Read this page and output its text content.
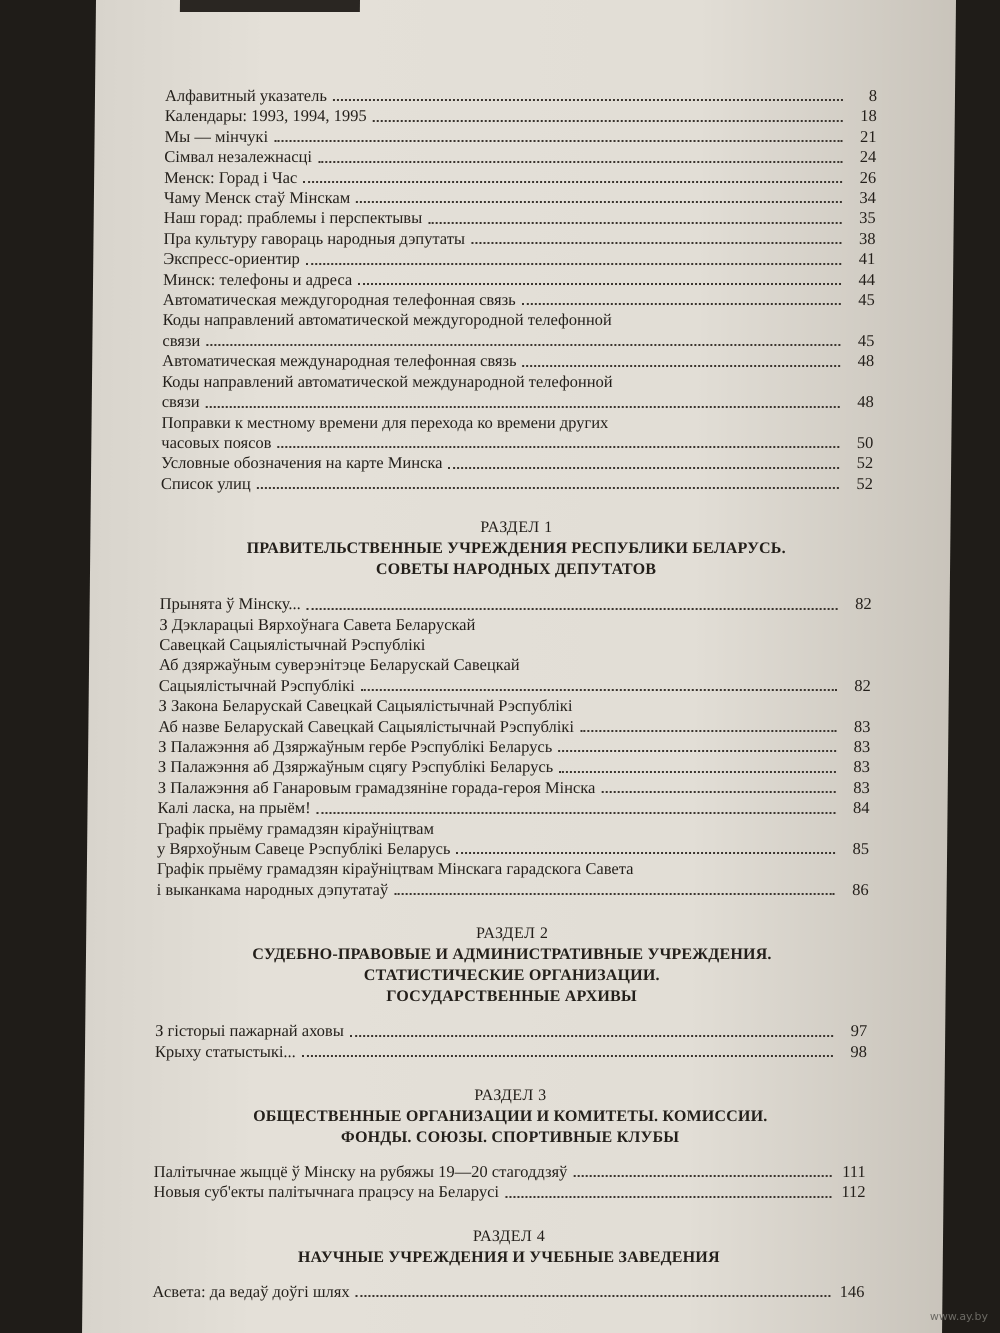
Алфавитный указатель	8
Календары: 1993, 1994, 1995	18
Мы — мінчукі	21
Сімвал незалежнасці	24
Менск: Горад і Час	26
Чаму Менск стаў Мінскам	34
Наш горад: праблемы і перспектывы	35
Пра культуру гавораць народныя дэпутаты	38
Экспресс-ориентир	41
Минск: телефоны и адреса	44
Автоматическая междугородная телефонная связь	45
Коды направлений автоматической междугородной телефонной
связи	45
Автоматическая международная телефонная связь	48
Коды направлений автоматической международной телефонной
связи	48
Поправки к местному времени для перехода ко времени других
часовых поясов	50
Условные обозначения на карте Минска	52
Список улиц	52
РАЗДЕЛ 1
ПРАВИТЕЛЬСТВЕННЫЕ УЧРЕЖДЕНИЯ РЕСПУБЛИКИ БЕЛАРУСЬ.
СОВЕТЫ НАРОДНЫХ ДЕПУТАТОВ
Прынята ў Мінску...	82
З Дэкларацыі Вярхоўнага Савета Беларускай
Савецкай Сацыялістычнай Рэспублікі
Аб дзяржаўным суверэнітэце Беларускай Савецкай
Сацыялістычнай Рэспублікі	82
З Закона Беларускай Савецкай Сацыялістычнай Рэспублікі
Аб назве Беларускай Савецкай Сацыялістычнай Рэспублікі	83
З Палажэння аб Дзяржаўным гербе Рэспублікі Беларусь	83
З Палажэння аб Дзяржаўным сцягу Рэспублікі Беларусь	83
З Палажэння аб Ганаровым грамадзяніне горада-героя Мінска	83
Калі ласка, на прыём!	84
Графік прыёму грамадзян кіраўніцтвам
у Вярхоўным Савеце Рэспублікі Беларусь	85
Графік прыёму грамадзян кіраўніцтвам Мінскага гарадскога Савета
і выканкама народных дэпутатаў	86
РАЗДЕЛ 2
СУДЕБНО-ПРАВОВЫЕ И АДМИНИСТРАТИВНЫЕ УЧРЕЖДЕНИЯ.
СТАТИСТИЧЕСКИЕ ОРГАНИЗАЦИИ.
ГОСУДАРСТВЕННЫЕ АРХИВЫ
З гісторыі пажарнай аховы	97
Крыху статыстыкі...	98
РАЗДЕЛ 3
ОБЩЕСТВЕННЫЕ ОРГАНИЗАЦИИ И КОМИТЕТЫ. КОМИССИИ.
ФОНДЫ. СОЮЗЫ. СПОРТИВНЫЕ КЛУБЫ
Палітычнае жыццё ў Мінску на рубяжы 19—20 стагоддзяў	111
Новыя суб'екты палітычнага працэсу на Беларусі	112
РАЗДЕЛ 4
НАУЧНЫЕ УЧРЕЖДЕНИЯ И УЧЕБНЫЕ ЗАВЕДЕНИЯ
Асвета: да ведаў доўгі шлях	146
www.ay.by
